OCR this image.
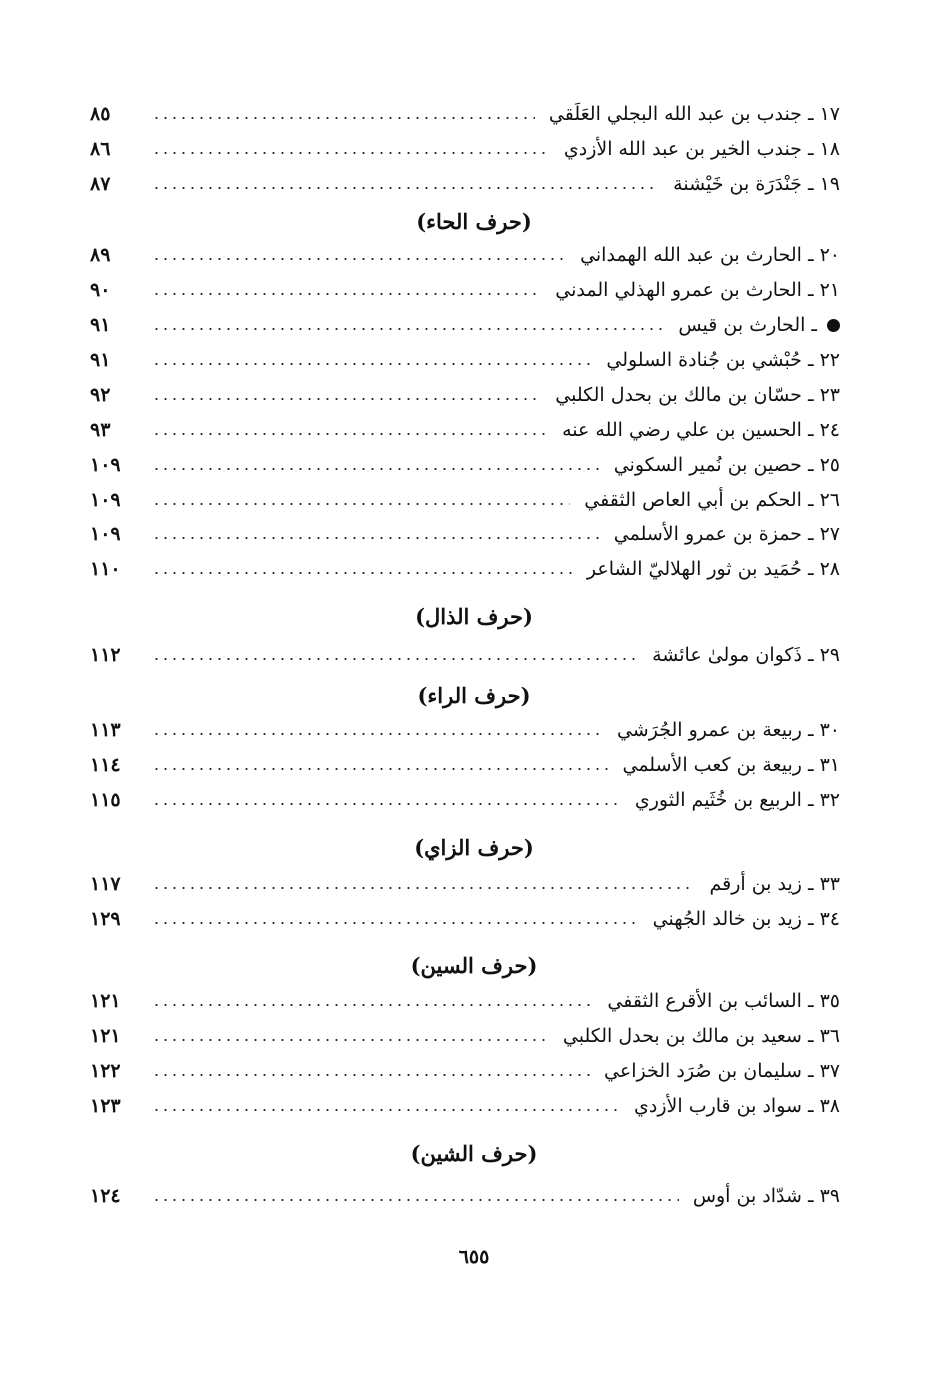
١٧ ـ جندب بن عبد الله البجلي العَلَقي
٨٥
١٨ ـ جندب الخير بن عبد الله الأزدي
٨٦
١٩ ـ جَنْدَرَة بن خَيْشنة
٨٧
(حرف الحاء)
٢٠ ـ الحارث بن عبد الله الهمداني
٨٩
٢١ ـ الحارث بن عمرو الهذلي المدني
٩٠
ـ الحارث بن قيس
٩١
٢٢ ـ حُبْشي بن جُنادة السلولي
٩١
٢٣ ـ حسّان بن مالك بن بحدل الكلبي
٩٢
٢٤ ـ الحسين بن علي رضي الله عنه
٩٣
٢٥ ـ حصين بن نُمير السكوني
١٠٩
٢٦ ـ الحكم بن أبي العاص الثقفي
١٠٩
٢٧ ـ حمزة بن عمرو الأسلمي
١٠٩
٢٨ ـ حُمَيد بن ثور الهلاليّ الشاعر
١١٠
(حرف الذال)
٢٩ ـ ذَكوان مولىٰ عائشة
١١٢
(حرف الراء)
٣٠ ـ ربيعة بن عمرو الجُرَشي
١١٣
٣١ ـ ربيعة بن كعب الأسلمي
١١٤
٣٢ ـ الربيع بن خُثَيم الثوري
١١٥
(حرف الزاي)
٣٣ ـ زيد بن أرقم
١١٧
٣٤ ـ زيد بن خالد الجُهني
١٢٩
(حرف السين)
٣٥ ـ السائب بن الأقرع الثقفي
١٢١
٣٦ ـ سعيد بن مالك بن بحدل الكلبي
١٢١
٣٧ ـ سليمان بن صُرَد الخزاعي
١٢٢
٣٨ ـ سواد بن قارب الأزدي
١٢٣
(حرف الشين)
٣٩ ـ شدّاد بن أوس
١٢٤
٦٥٥
